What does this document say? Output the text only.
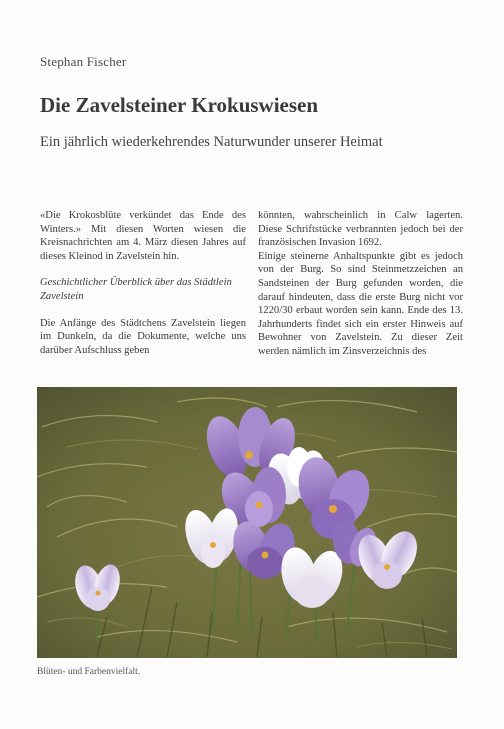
Stephan Fischer
Die Zavelsteiner Krokuswiesen
Ein jährlich wiederkehrendes Naturwunder unserer Heimat

«Die Krokosblüte verkündet das Ende des Winters.» Mit diesen Worten wiesen die Kreisnachrichten am 4. März diesen Jahres auf dieses Kleinod in Zavelstein hin.

Geschichtlicher Überblick über das Städtlein Zavelstein

Die Anfänge des Städtchens Zavelstein liegen im Dunkeln, da die Dokumente, welche uns darüber Aufschluss geben

könnten, wahrscheinlich in Calw lagerten. Diese Schriftstücke verbrannten jedoch bei der französischen Invasion 1692.

Einige steinerne Anhaltspunkte gibt es jedoch von der Burg. So sind Steinmetzzeichen an Sandsteinen der Burg gefunden worden, die darauf hindeuten, dass die erste Burg nicht vor 1220/30 erbaut worden sein kann. Ende des 13. Jahrhunderts findet sich ein erster Hinweis auf Bewohner von Zavelstein. Zu dieser Zeit werden nämlich im Zinsverzeichnis des

Blüten- und Farbenvielfalt.
